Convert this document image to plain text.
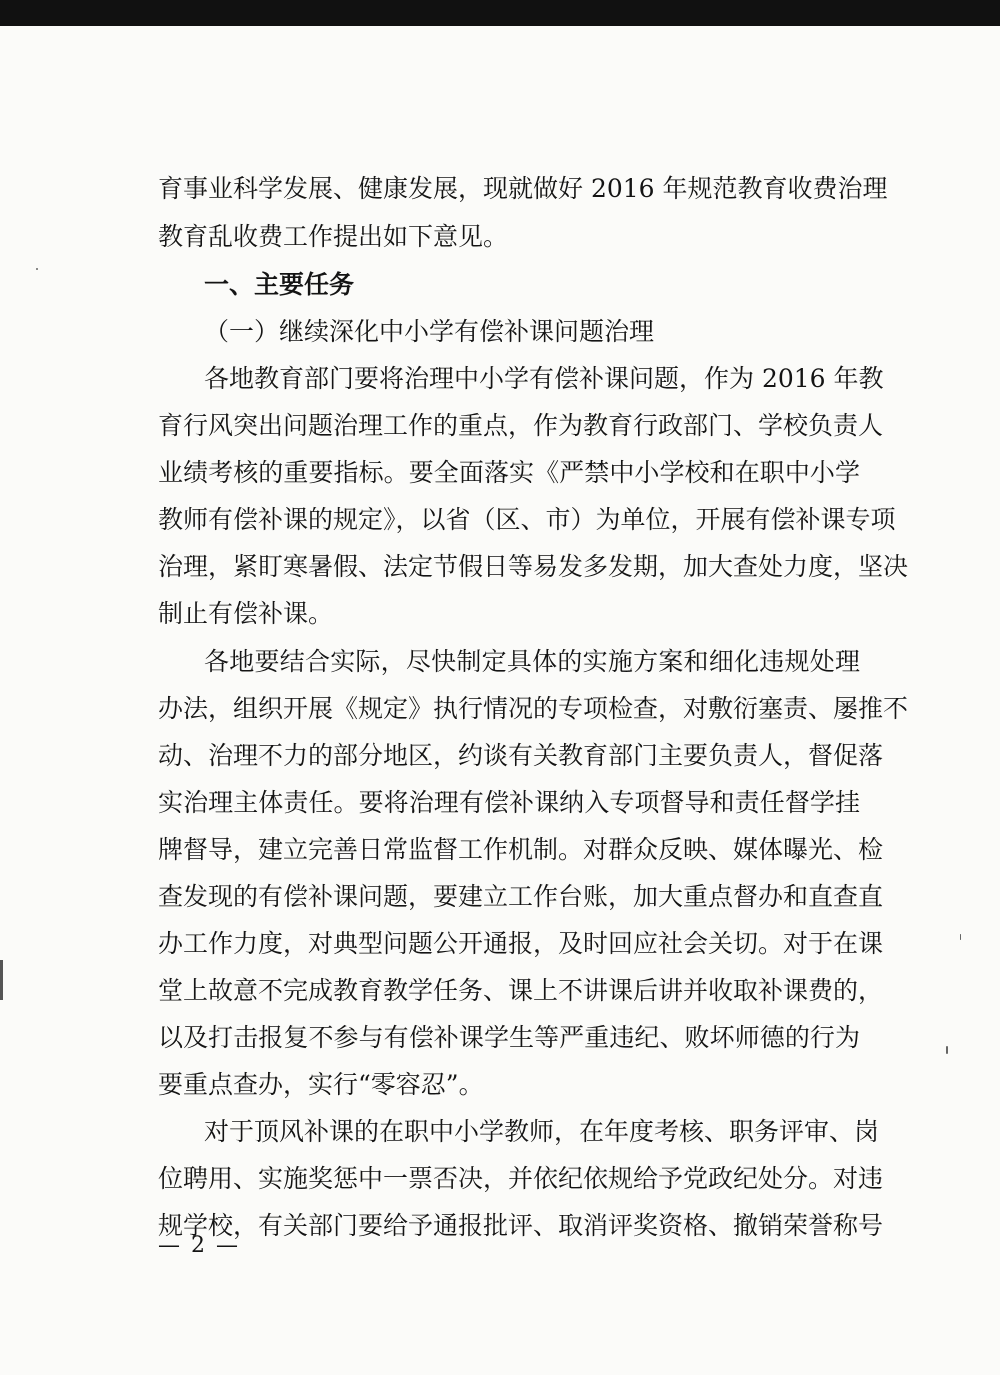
育事业科学发展、健康发展，现就做好 2016 年规范教育收费治理
教育乱收费工作提出如下意见。
一、主要任务
（一）继续深化中小学有偿补课问题治理
各地教育部门要将治理中小学有偿补课问题，作为 2016 年教
育行风突出问题治理工作的重点，作为教育行政部门、学校负责人
业绩考核的重要指标。要全面落实《严禁中小学校和在职中小学
教师有偿补课的规定》，以省（区、市）为单位，开展有偿补课专项
治理，紧盯寒暑假、法定节假日等易发多发期，加大查处力度，坚决
制止有偿补课。
各地要结合实际，尽快制定具体的实施方案和细化违规处理
办法，组织开展《规定》执行情况的专项检查，对敷衍塞责、屡推不
动、治理不力的部分地区，约谈有关教育部门主要负责人，督促落
实治理主体责任。要将治理有偿补课纳入专项督导和责任督学挂
牌督导，建立完善日常监督工作机制。对群众反映、媒体曝光、检
查发现的有偿补课问题，要建立工作台账，加大重点督办和直查直
办工作力度，对典型问题公开通报，及时回应社会关切。对于在课
堂上故意不完成教育教学任务、课上不讲课后讲并收取补课费的，
以及打击报复不参与有偿补课学生等严重违纪、败坏师德的行为
要重点查办，实行“零容忍”。
对于顶风补课的在职中小学教师，在年度考核、职务评审、岗
位聘用、实施奖惩中一票否决，并依纪依规给予党政纪处分。对违
规学校，有关部门要给予通报批评、取消评奖资格、撤销荣誉称号
— 2 —
